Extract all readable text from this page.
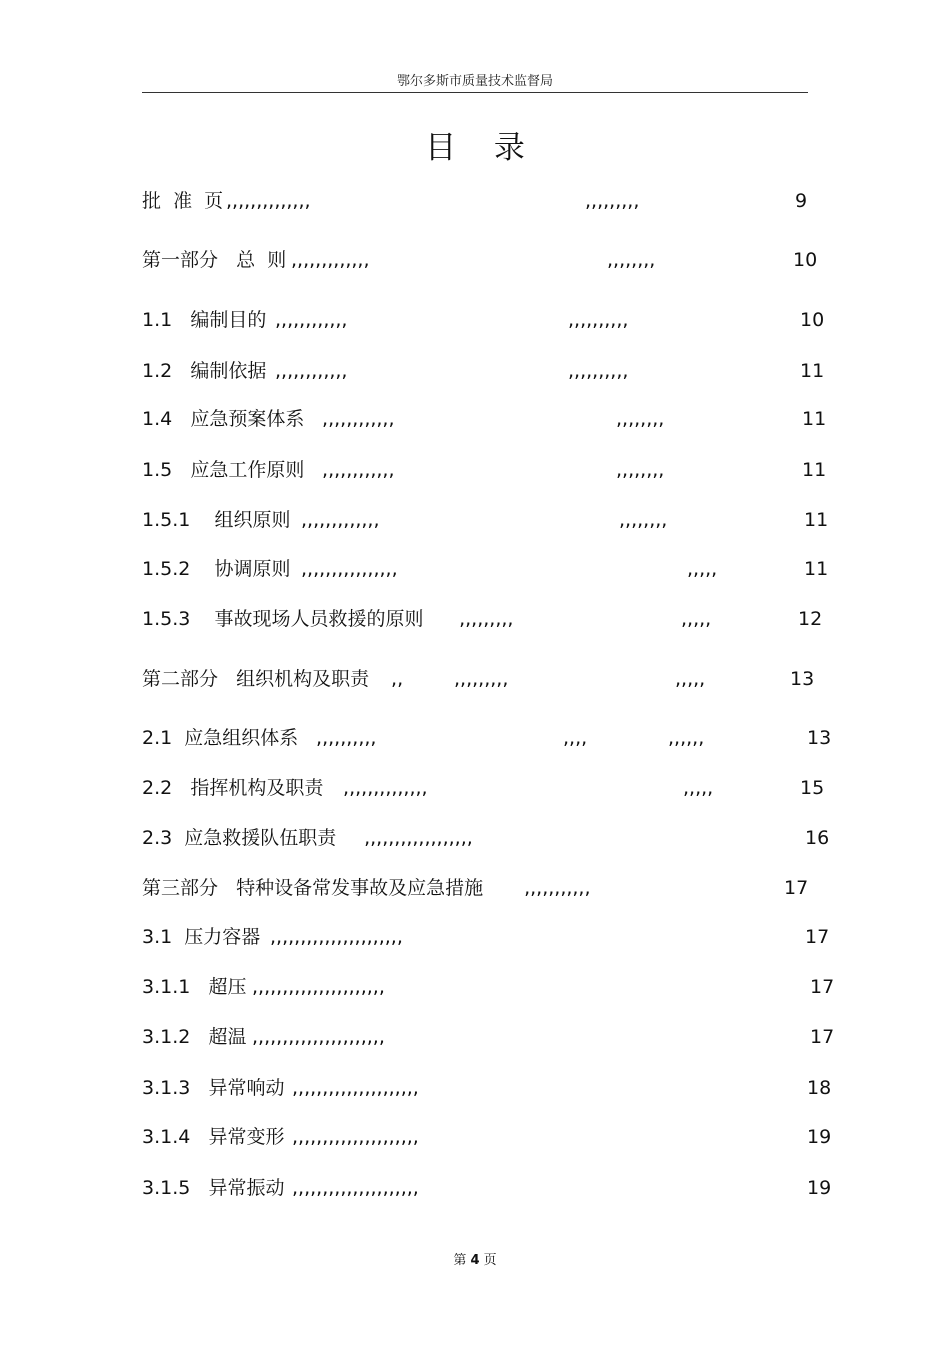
鄂尔多斯市质量技术监督局
目 录
批  准  页 ,,,,,,,,,,,,,,	,,,,,,,,,	9
第一部分   总  则 ,,,,,,,,,,,,,	,,,,,,,,	10
1.1   编制目的 ,,,,,,,,,,,,	,,,,,,,,,,	10
1.2   编制依据 ,,,,,,,,,,,,	,,,,,,,,,,	11
1.4   应急预案体系 ,,,,,,,,,,,,	,,,,,,,,	11
1.5   应急工作原则 ,,,,,,,,,,,,	,,,,,,,,	11
1.5.1    组织原则 ,,,,,,,,,,,,,	,,,,,,,,	11
1.5.2    协调原则 ,,,,,,,,,,,,,,,,	,,,,,	11
1.5.3    事故现场人员救援的原则 ,,,,,,,,,	,,,,,	12
第二部分   组织机构及职责 ,,	,,,,,,,,,	,,,,,	13
2.1  应急组织体系 ,,,,,,,,,,	,,,,	,,,,,,	13
2.2   指挥机构及职责 ,,,,,,,,,,,,,,	,,,,,	15
2.3  应急救援队伍职责 ,,,,,,,,,,,,,,,,,,	16
第三部分   特种设备常发事故及应急措施 ,,,,,,,,,,,	17
3.1  压力容器 ,,,,,,,,,,,,,,,,,,,,,,	17
3.1.1   超压 ,,,,,,,,,,,,,,,,,,,,,,	17
3.1.2   超温 ,,,,,,,,,,,,,,,,,,,,,,	17
3.1.3   异常响动 ,,,,,,,,,,,,,,,,,,,,,	18
3.1.4   异常变形 ,,,,,,,,,,,,,,,,,,,,,	19
3.1.5   异常振动 ,,,,,,,,,,,,,,,,,,,,,	19
第 4 页
